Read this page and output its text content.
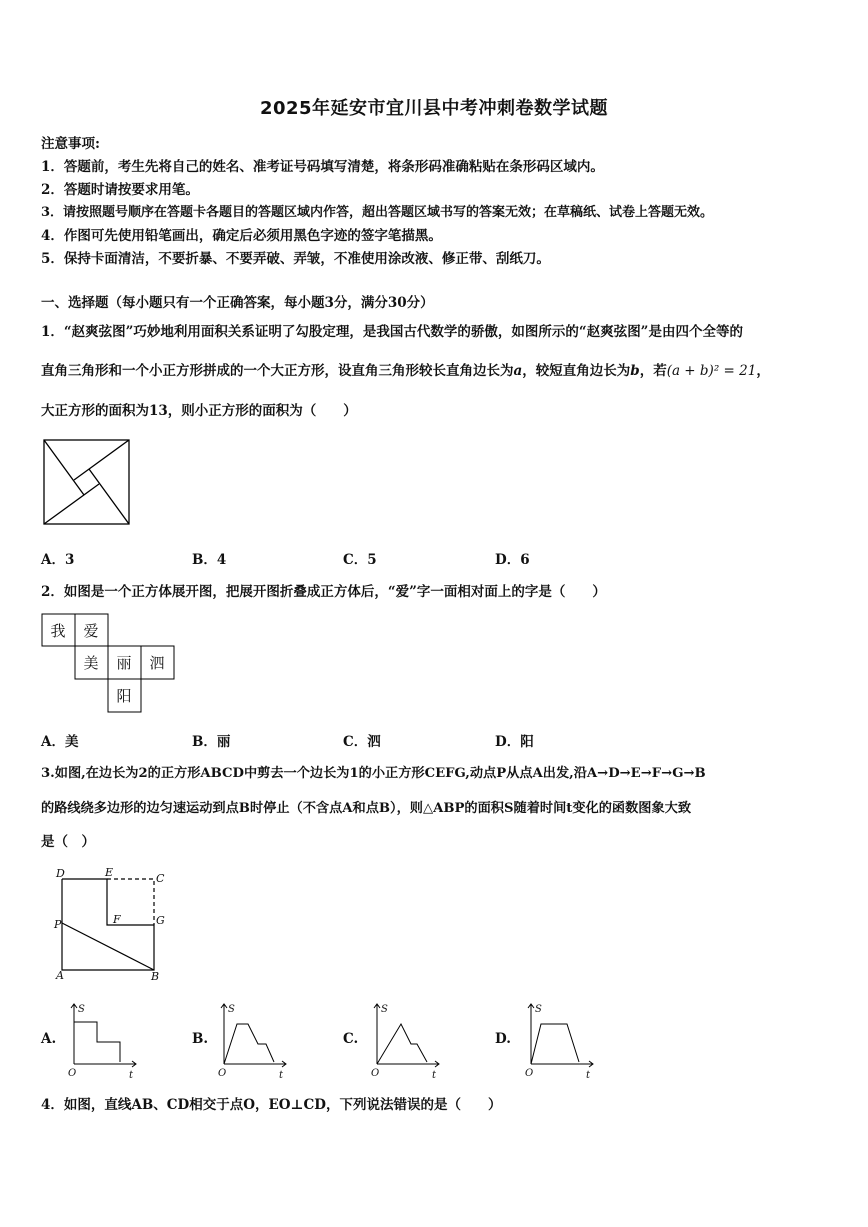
2025年延安市宜川县中考冲刺卷数学试题
注意事项:
1．答题前，考生先将自己的姓名、准考证号码填写清楚，将条形码准确粘贴在条形码区域内。
2．答题时请按要求用笔。
3．请按照题号顺序在答题卡各题目的答题区域内作答，超出答题区域书写的答案无效；在草稿纸、试卷上答题无效。
4．作图可先使用铅笔画出，确定后必须用黑色字迹的签字笔描黑。
5．保持卡面清洁，不要折暴、不要弄破、弄皱，不准使用涂改液、修正带、刮纸刀。
一、选择题（每小题只有一个正确答案，每小题3分，满分30分）
1．“赵爽弦图”巧妙地利用面积关系证明了勾股定理，是我国古代数学的骄傲，如图所示的“赵爽弦图”是由四个全等的
直角三角形和一个小正方形拼成的一个大正方形，设直角三角形较长直角边长为a，较短直角边长为b，若(a + b)² = 21，
大正方形的面积为13，则小正方形的面积为（　　）
A．3	B．4	C．5	D．6
2．如图是一个正方体展开图，把展开图折叠成正方体后，“爱”字一面相对面上的字是（　　）
我 爱
美 丽 泗
阳
A．美	B．丽	C．泗	D．阳
3.如图,在边长为2的正方形ABCD中剪去一个边长为1的小正方形CEFG,动点P从点A出发,沿A→D→E→F→G→B
的路线绕多边形的边匀速运动到点B时停止（不含点A和点B），则△ABP的面积S随着时间t变化的函数图象大致
是（　）
D	E	C
F	G
P
A	B
A.
S
t
O
B.
S
t
O
C.
S
t
O
D.
S
t
O
4．如图，直线AB、CD相交于点O，EO⊥CD，下列说法错误的是（　　）
